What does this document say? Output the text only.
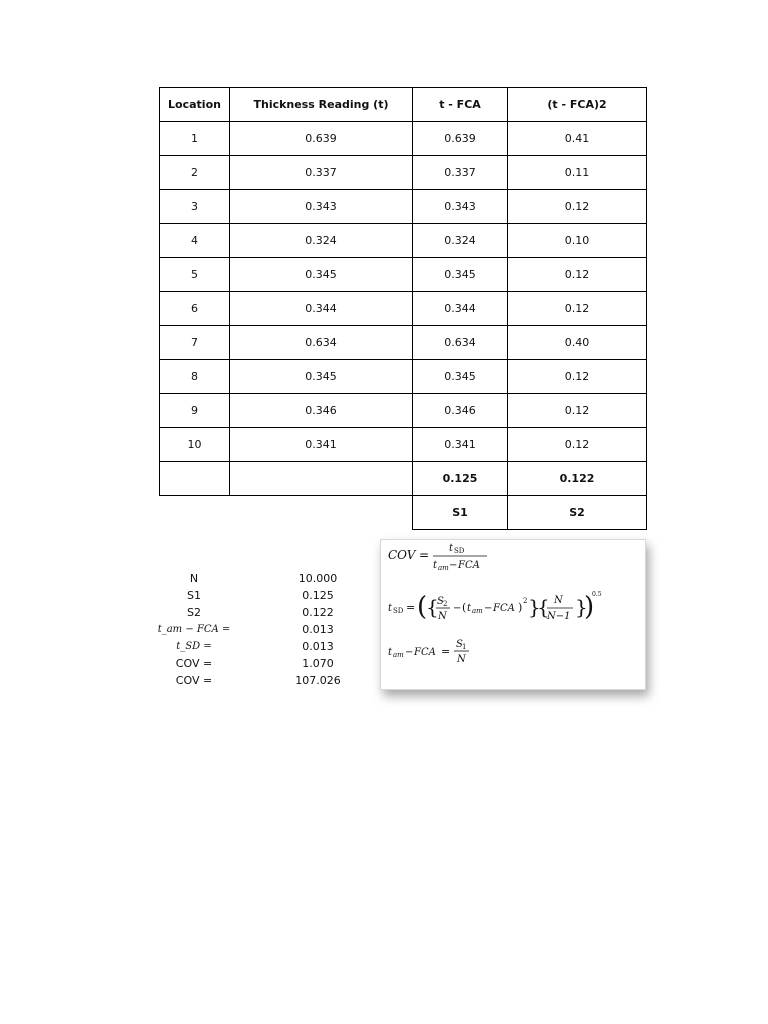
Location	Thickness Reading (t)	t - FCA	(t - FCA)2
1	0.639	0.639	0.41
2	0.337	0.337	0.11
3	0.343	0.343	0.12
4	0.324	0.324	0.10
5	0.345	0.345	0.12
6	0.344	0.344	0.12
7	0.634	0.634	0.40
8	0.345	0.345	0.12
9	0.346	0.346	0.12
10	0.341	0.341	0.12
		0.125	0.122
		S1	S2
N	10.000
S1	0.125
S2	0.122
t_am − FCA =	0.013
t_SD =	0.013
COV =	1.070
COV =	107.026
COV = t SD
t am − FCA
t SD = (
{
S 2
N
− ( t am − FCA ) 2 }
{ N
N−1 }
)
0.5
t am − FCA =
S 1
N
